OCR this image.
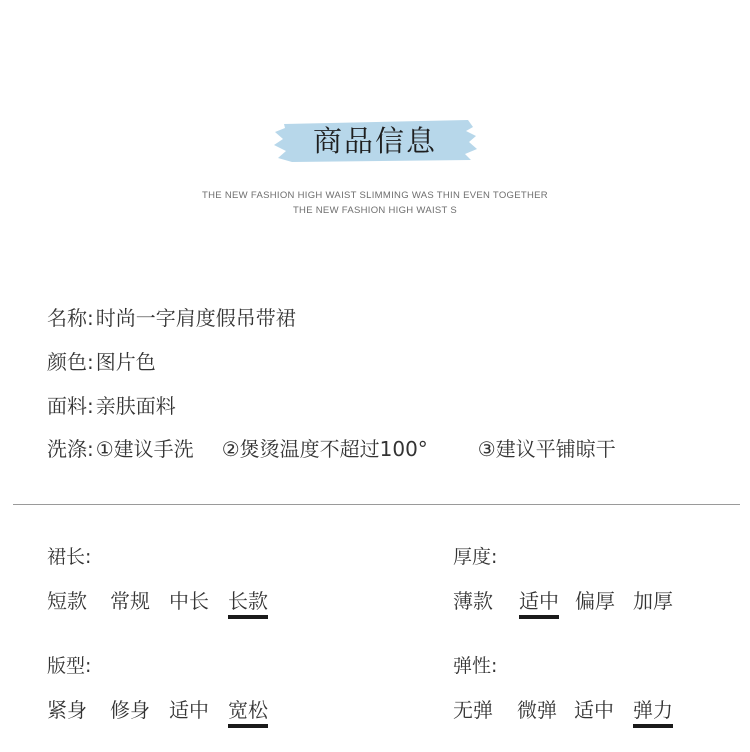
商品信息
THE NEW FASHION HIGH WAIST SLIMMING WAS THIN EVEN TOGETHER
THE NEW FASHION HIGH WAIST S
名称: 时尚一字肩度假吊带裙
颜色: 图片色
面料: 亲肤面料
洗涤: ①建议手洗 ②煲烫温度不超过100°	③建议平铺晾干
裙长:
短款 常规 中长 长款
厚度:
薄款 适中 偏厚 加厚
版型:
紧身 修身 适中 宽松
弹性:
无弹 微弹 适中 弹力
